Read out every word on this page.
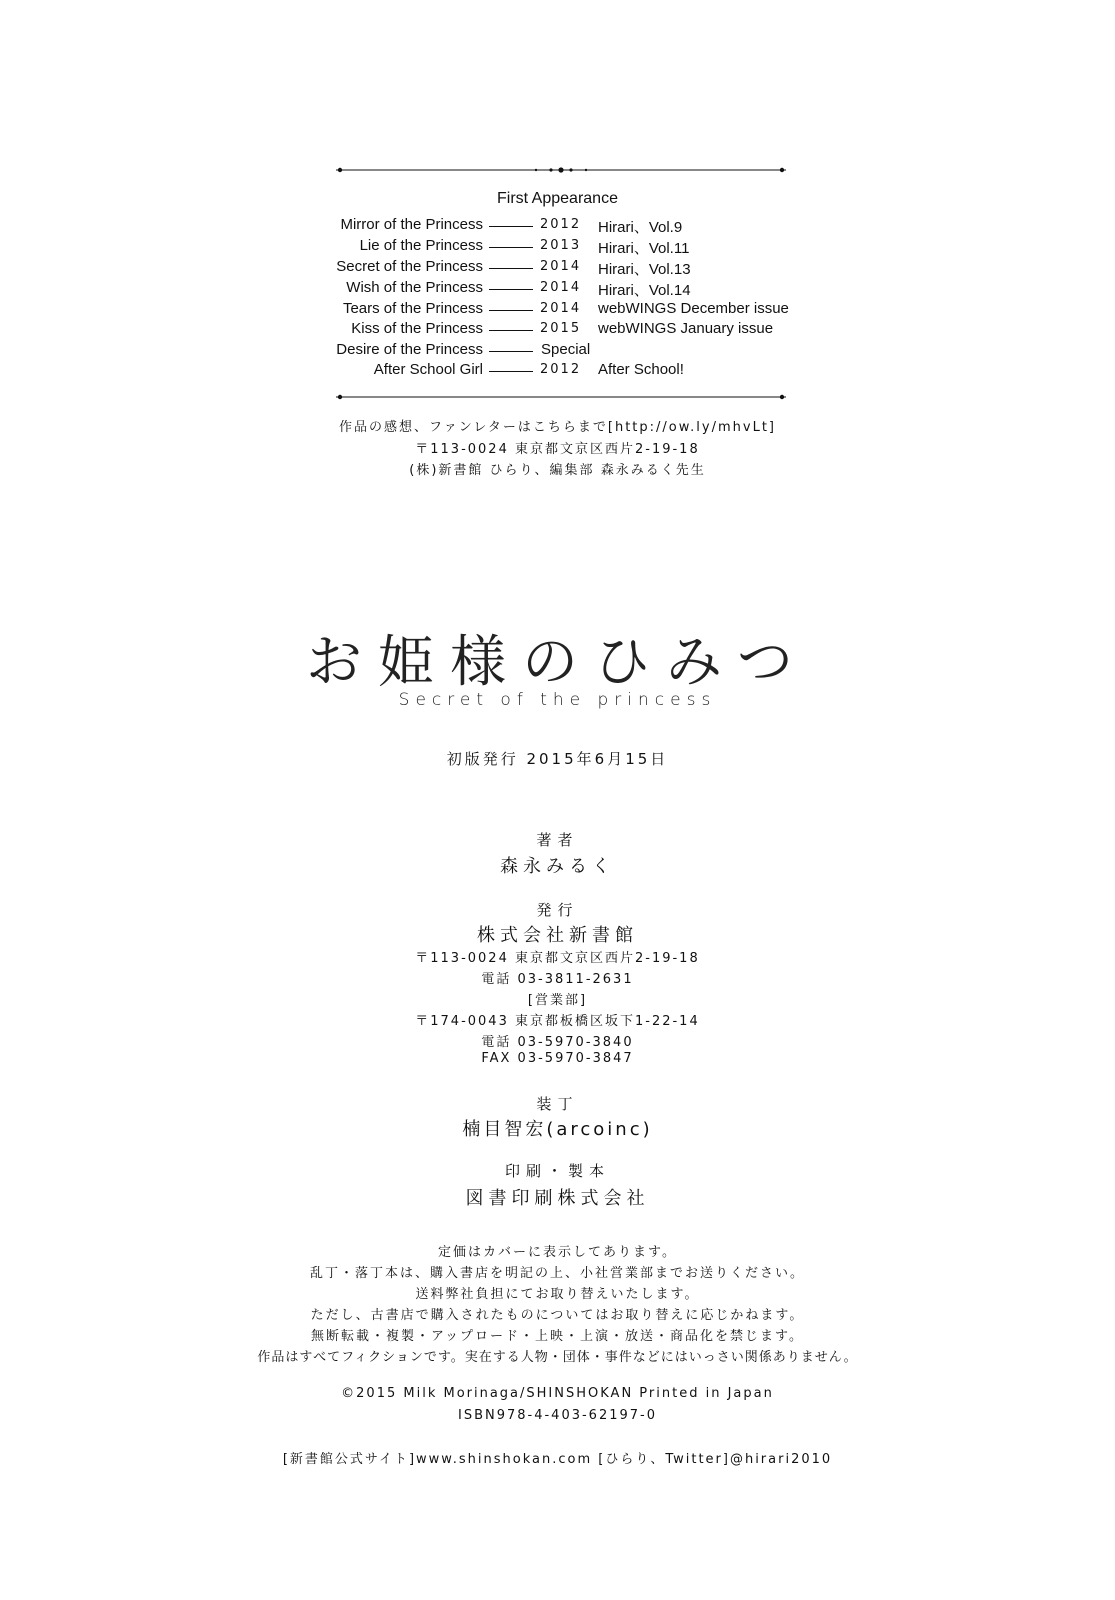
First Appearance
Mirror of the Princess	2012 Hirari、Vol.9
Lie of the Princess	2013 Hirari、Vol.11
Secret of the Princess	2014 Hirari、Vol.13
Wish of the Princess	2014 Hirari、Vol.14
Tears of the Princess	2014 webWINGS December issue
Kiss of the Princess	2015 webWINGS January issue
Desire of the Princess	Special
After School Girl	2012 After School!
作品の感想、ファンレターはこちらまで[http://ow.ly/mhvLt]
〒113-0024 東京都文京区西片2-19-18
(株)新書館 ひらり、編集部 森永みるく先生
お姫様のひみつ
Secret of the princess
初版発行 2015年6月15日
著者
森永みるく
発行
株式会社新書館
〒113-0024 東京都文京区西片2-19-18
電話 03-3811-2631
[営業部]
〒174-0043 東京都板橋区坂下1-22-14
電話 03-5970-3840
FAX 03-5970-3847
装丁
楠目智宏(arcoinc)
印刷・製本
図書印刷株式会社
定価はカバーに表示してあります。
乱丁・落丁本は、購入書店を明記の上、小社営業部までお送りください。
送料弊社負担にてお取り替えいたします。
ただし、古書店で購入されたものについてはお取り替えに応じかねます。
無断転載・複製・アップロード・上映・上演・放送・商品化を禁じます。
作品はすべてフィクションです。実在する人物・団体・事件などにはいっさい関係ありません。
©2015 Milk Morinaga/SHINSHOKAN Printed in Japan
ISBN978-4-403-62197-0
[新書館公式サイト]www.shinshokan.com [ひらり、Twitter]@hirari2010
